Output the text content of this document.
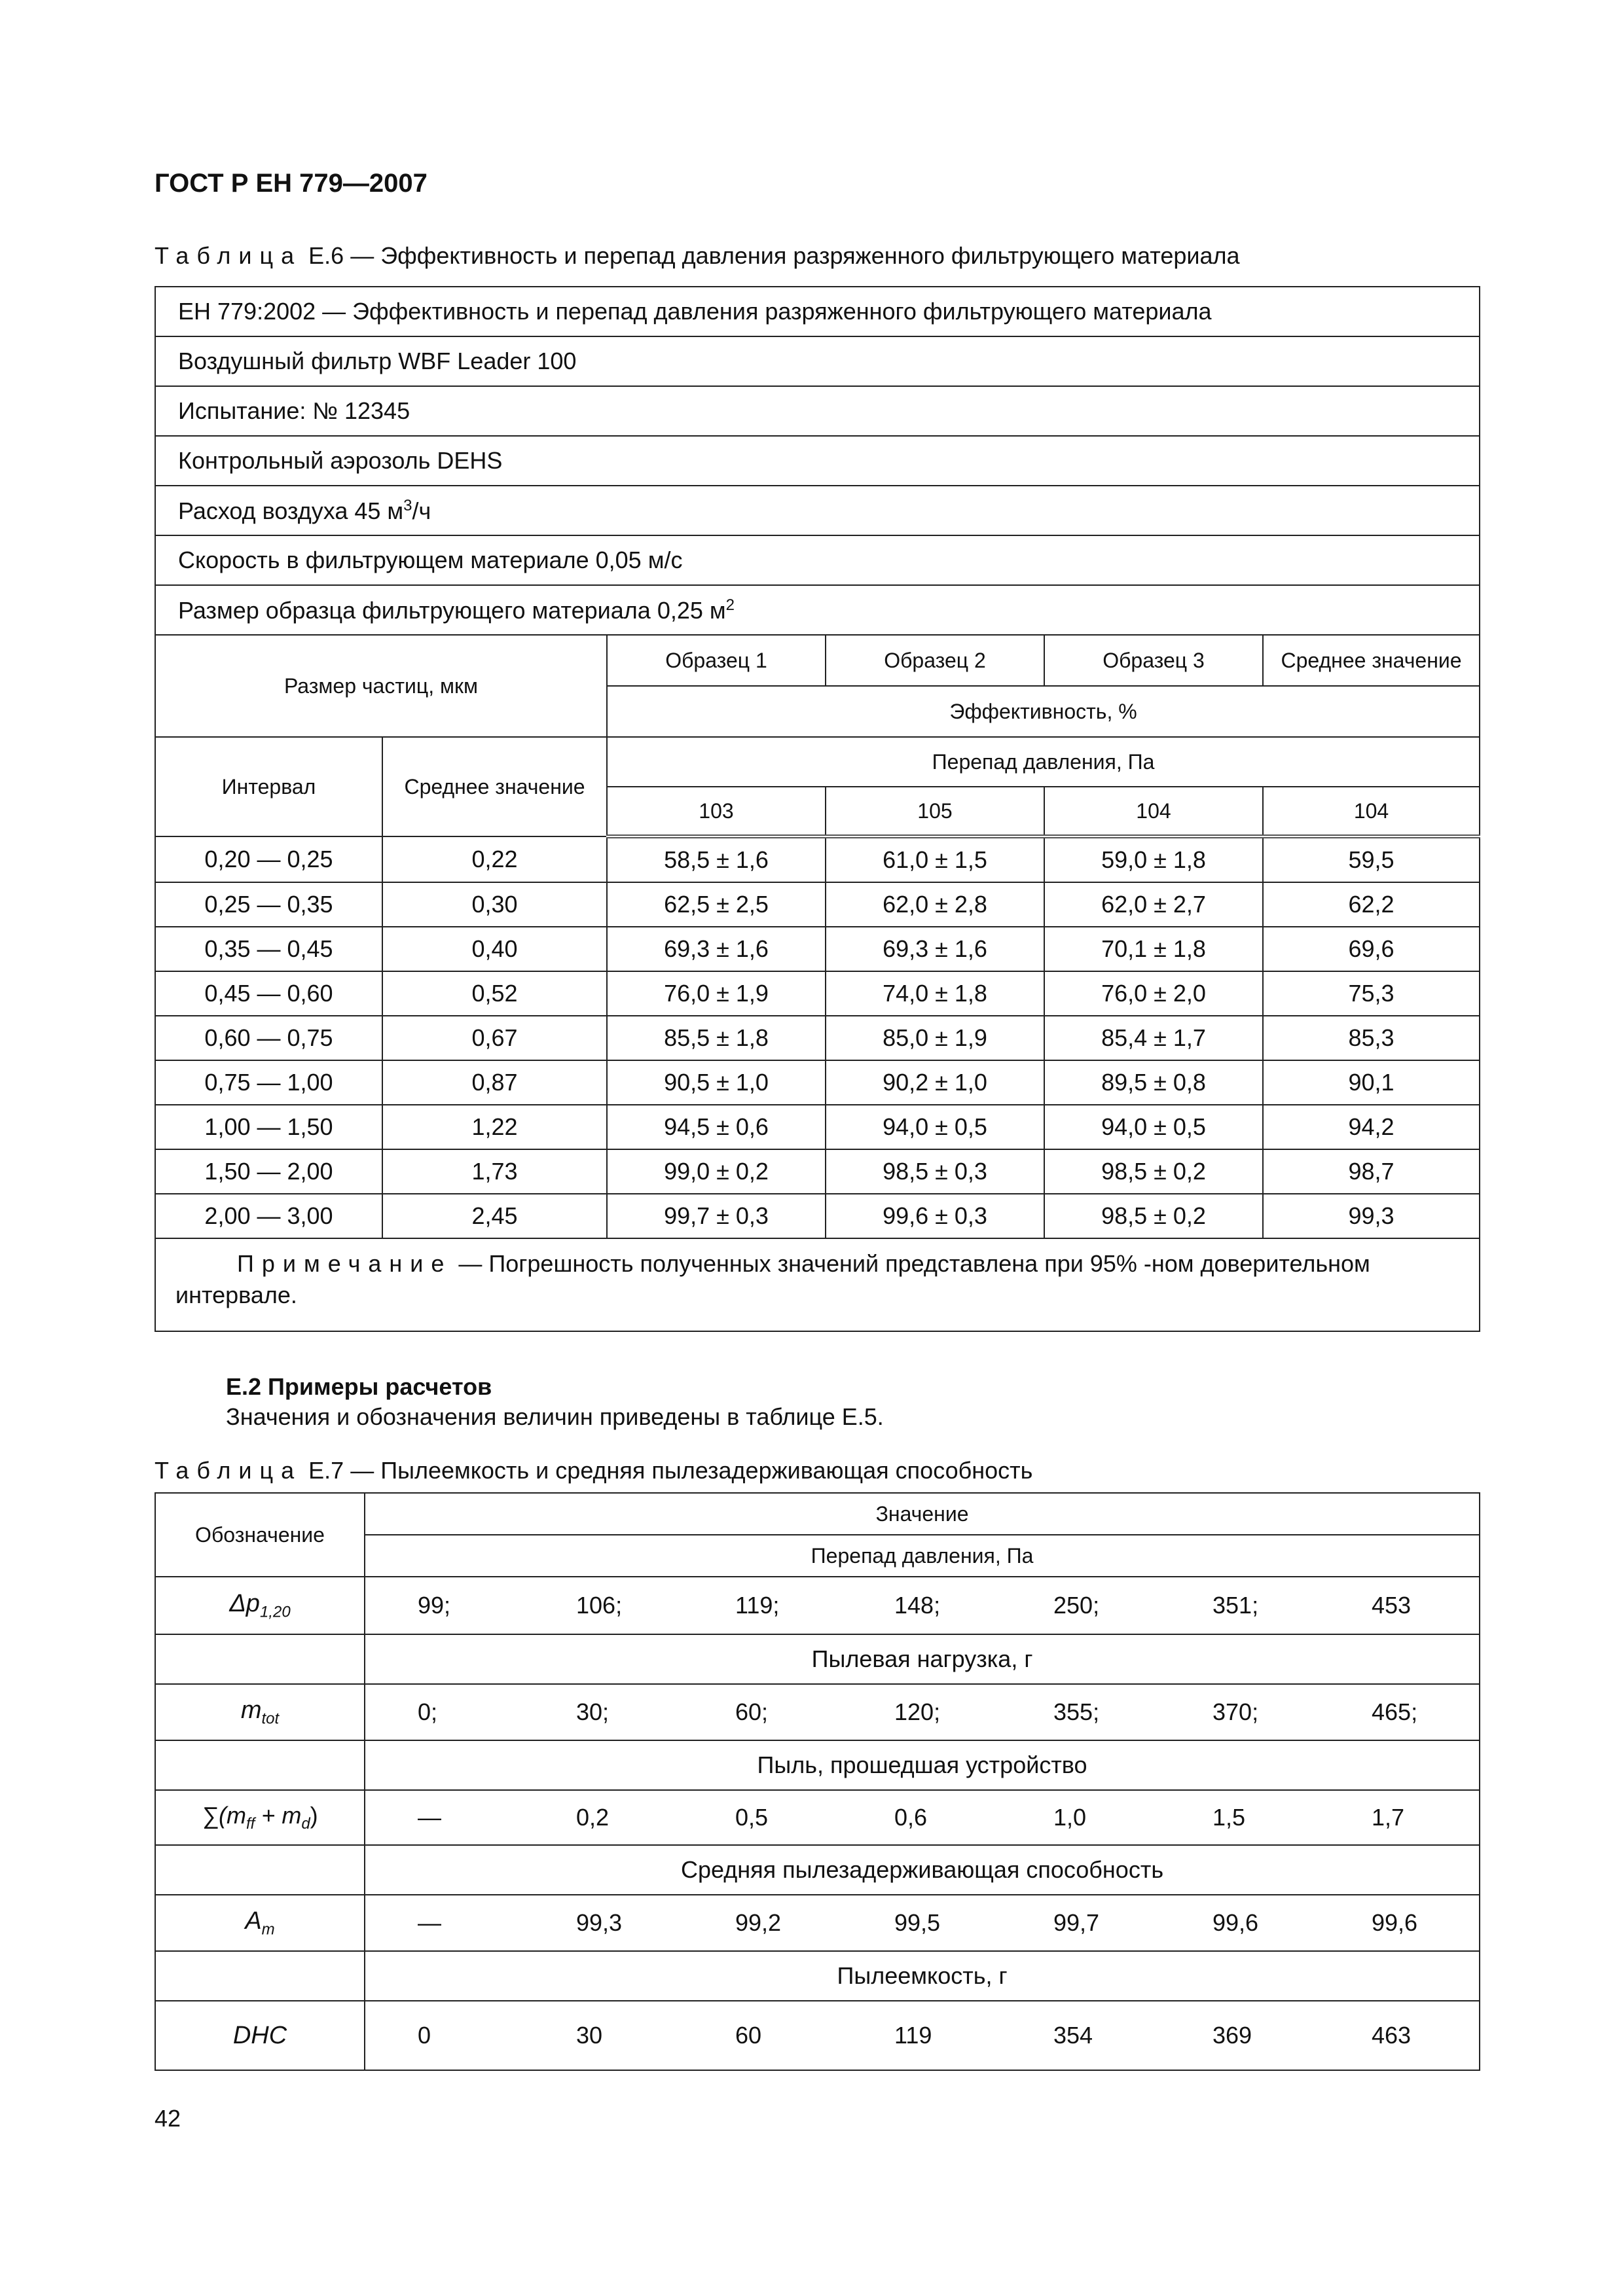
ГОСТ Р ЕН 779—2007
Таблица Е.6 — Эффективность и перепад давления разряженного фильтрующего материала
ЕН 779:2002 — Эффективность и перепад давления разряженного фильтрующего материала					
Воздушный фильтр WBF Leader 100					
Испытание: № 12345					
Контрольный аэрозоль DEHS					
Расход воздуха 45 $м^3/ч$					
Скорость в фильтрующем материале 0,05 м/с					
Размер образца фильтрующего материала 0,25 $м^2$
Размер частиц, мкм		Образец 1	Образец 2	Образец 3	Среднее значение
		Эффективность, %			
Интервал	Среднее значение	Перепад давления, Па			
		103	105	104	104
0,20 — 0,25	0,22	58,5 ± 1,6	61,0 ± 1,5	59,0 ± 1,8	59,5
0,25 — 0,35	0,30	62,5 ± 2,5	62,0 ± 2,8	62,0 ± 2,7	62,2
0,35 — 0,45	0,40	69,3 ± 1,6	69,3 ± 1,6	70,1 ± 1,8	69,6
0,45 — 0,60	0,52	76,0 ± 1,9	74,0 ± 1,8	76,0 ± 2,0	75,3
0,60 — 0,75	0,67	85,5 ± 1,8	85,0 ± 1,9	85,4 ± 1,7	85,3
0,75 — 1,00	0,87	90,5 ± 1,0	90,2 ± 1,0	89,5 ± 0,8	90,1
1,00 — 1,50	1,22	94,5 ± 0,6	94,0 ± 0,5	94,0 ± 0,5	94,2
1,50 — 2,00	1,73	99,0 ± 0,2	98,5 ± 0,3	98,5 ± 0,2	98,7
2,00 — 3,00	2,45	99,7 ± 0,3	99,6 ± 0,3	98,5 ± 0,2	99,3
Примечание — Погрешность полученных значений представлена при 95% -ном доверительном интервале.					
Е.2 Примеры расчетов
Значения и обозначения величин приведены в таблице Е.5.
Таблица Е.7 — Пылеемкость и средняя пылезадерживающая способность
Обозначение	Значение						
	Перепад давления, Па						
$\Delta p_{1,20}$	99;	106;	119;	148;	250;	351;	453
	Пылевая нагрузка, г						
$m_{tot}$	0;	30;	60;	120;	355;	370;	465;
	Пыль, прошедшая устройство						
$\sum(m_{ff} + m_d)$	—	0,2	0,5	0,6	1,0	1,5	1,7
	Средняя пылезадерживающая способность						
$A_m$	—	99,3	99,2	99,5	99,7	99,6	99,6
	Пылеемкость, г						
DHC	0	30	60	119	354	369	463
42
